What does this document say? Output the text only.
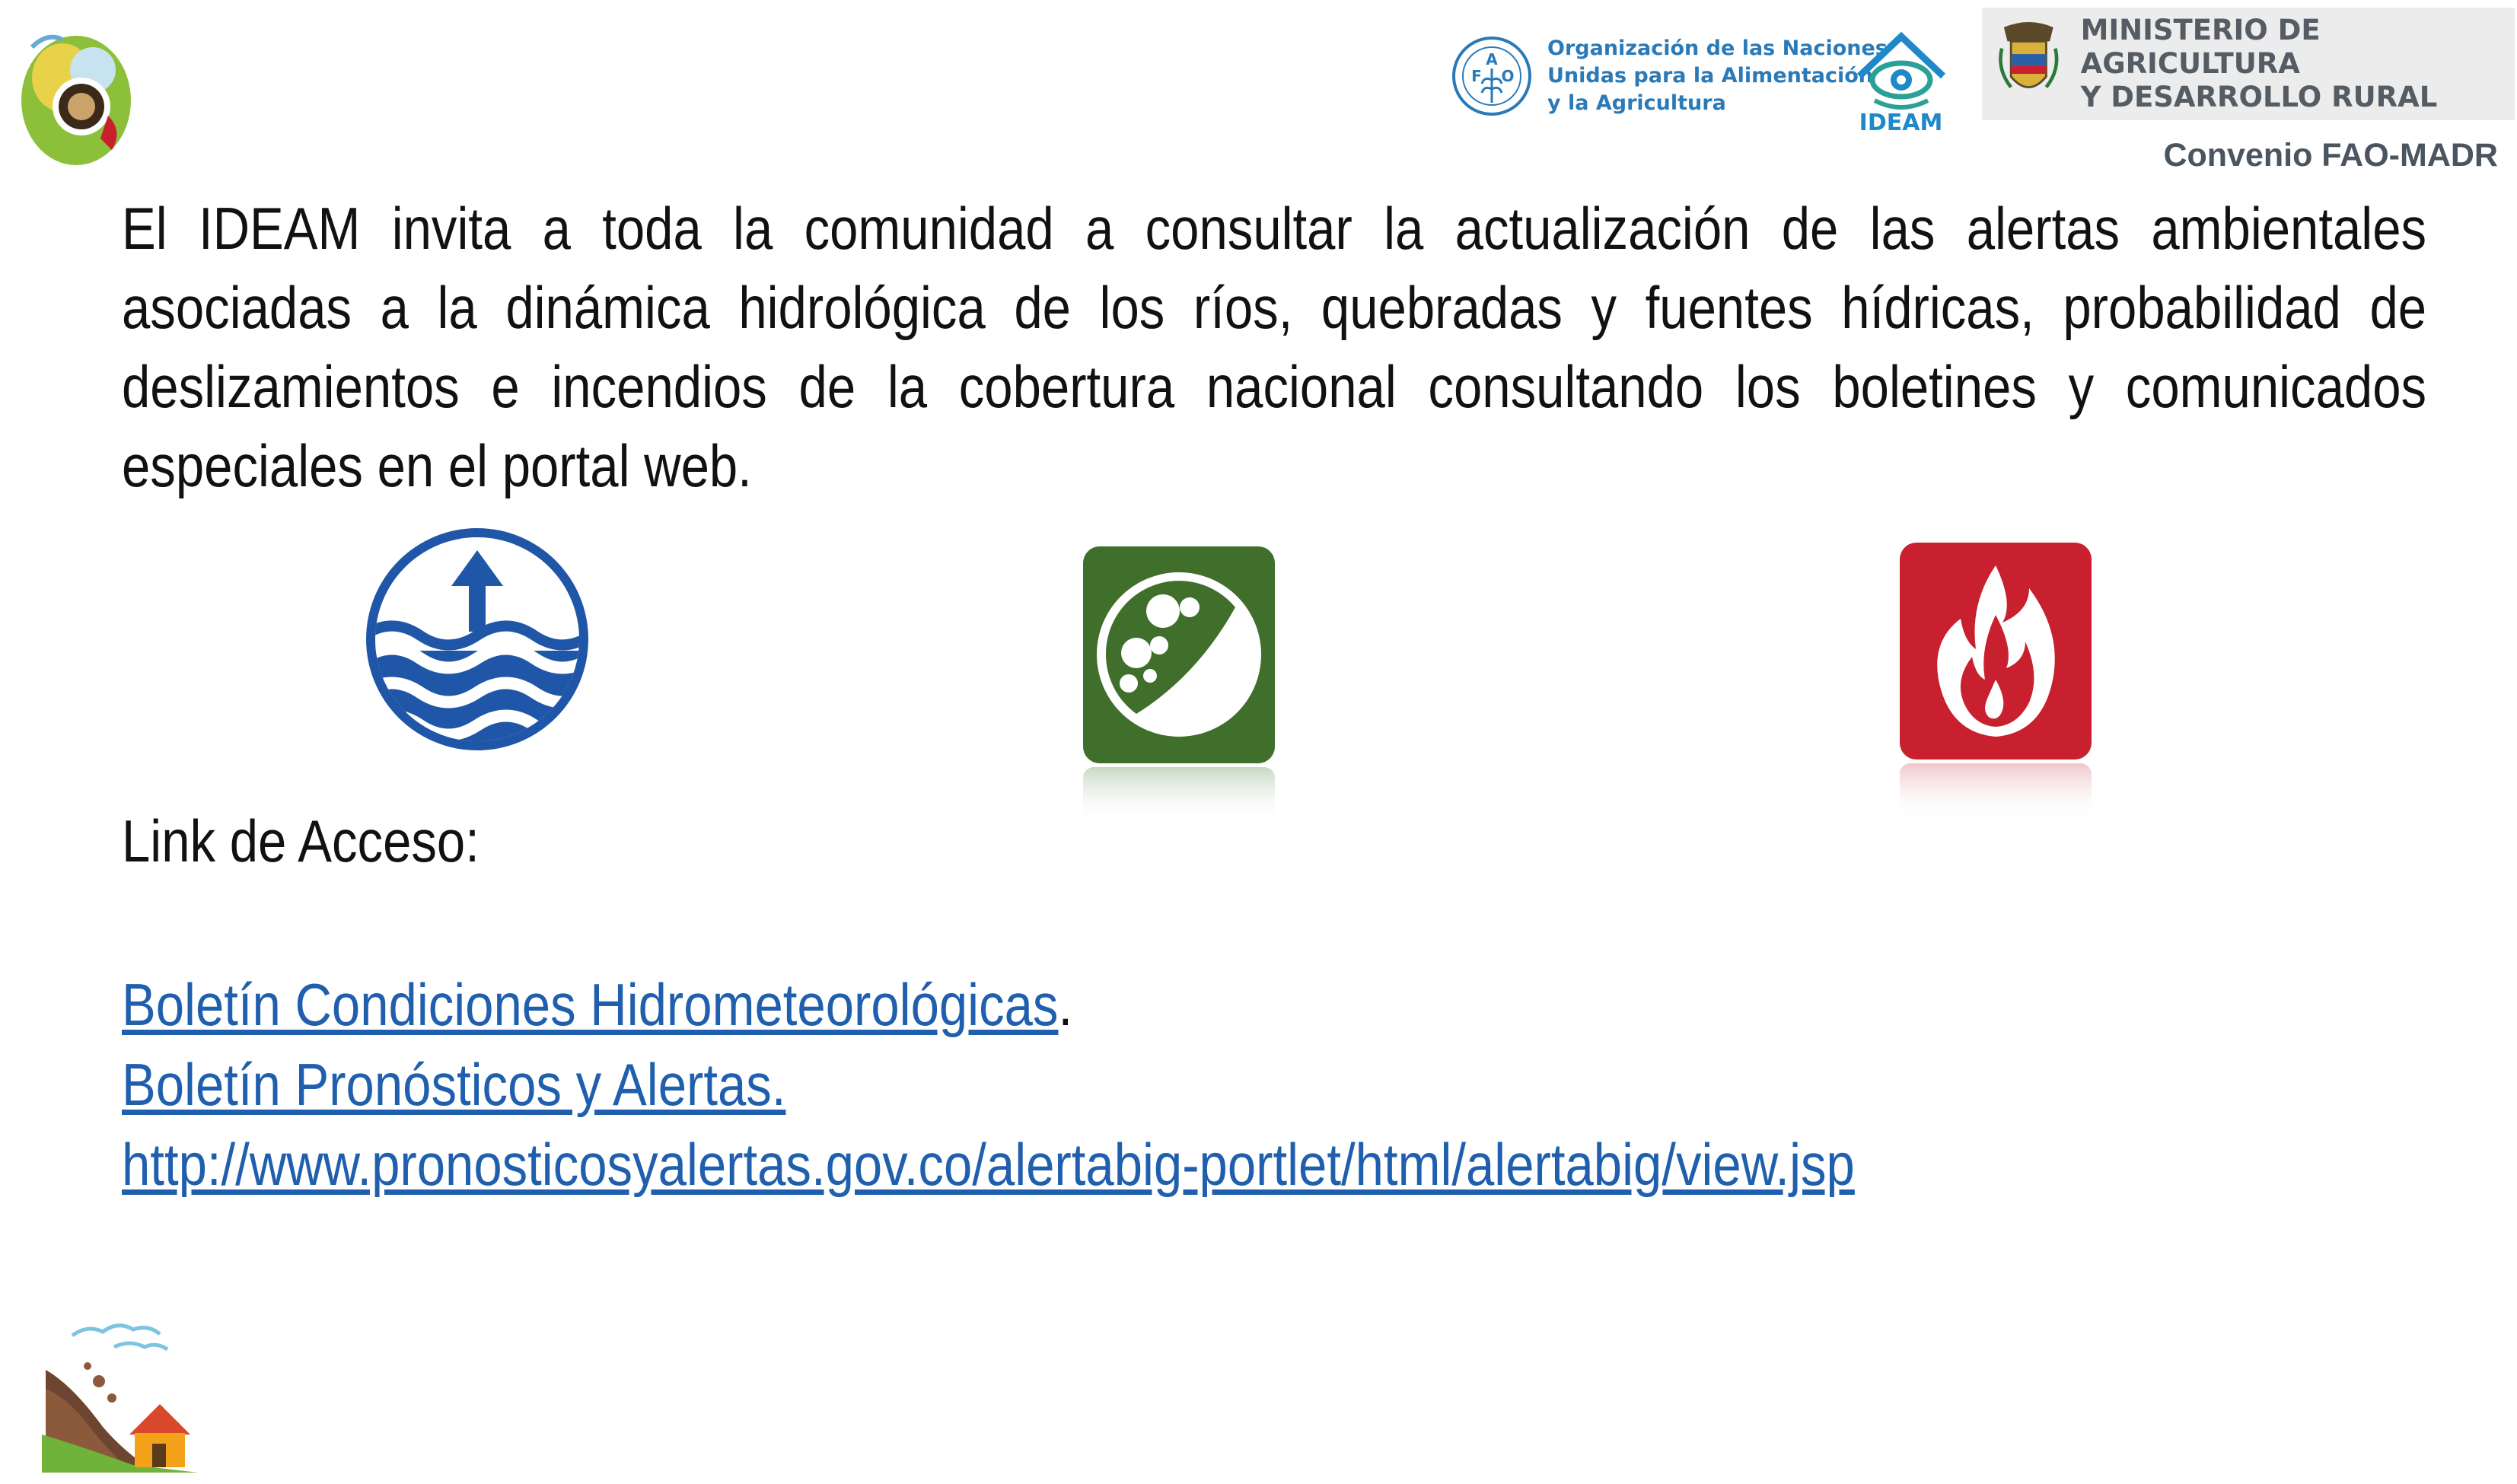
A
F O
Organización de las Naciones
Unidas para la Alimentación
y la Agricultura
IDEAM
MINISTERIO DE AGRICULTURA
Y DESARROLLO RURAL
Convenio FAO-MADR

El IDEAM invita a toda la comunidad a consultar la actualización de las alertas ambientales asociadas a la dinámica hidrológica de los ríos, quebradas y fuentes hídricas, probabilidad de deslizamientos e incendios de la cobertura nacional consultando los boletines y comunicados especiales en el portal web.

Link de Acceso:
Boletín Condiciones Hidrometeorológicas.
Boletín Pronósticos y Alertas.
http://www.pronosticosyalertas.gov.co/alertabig-portlet/html/alertabig/view.jsp
